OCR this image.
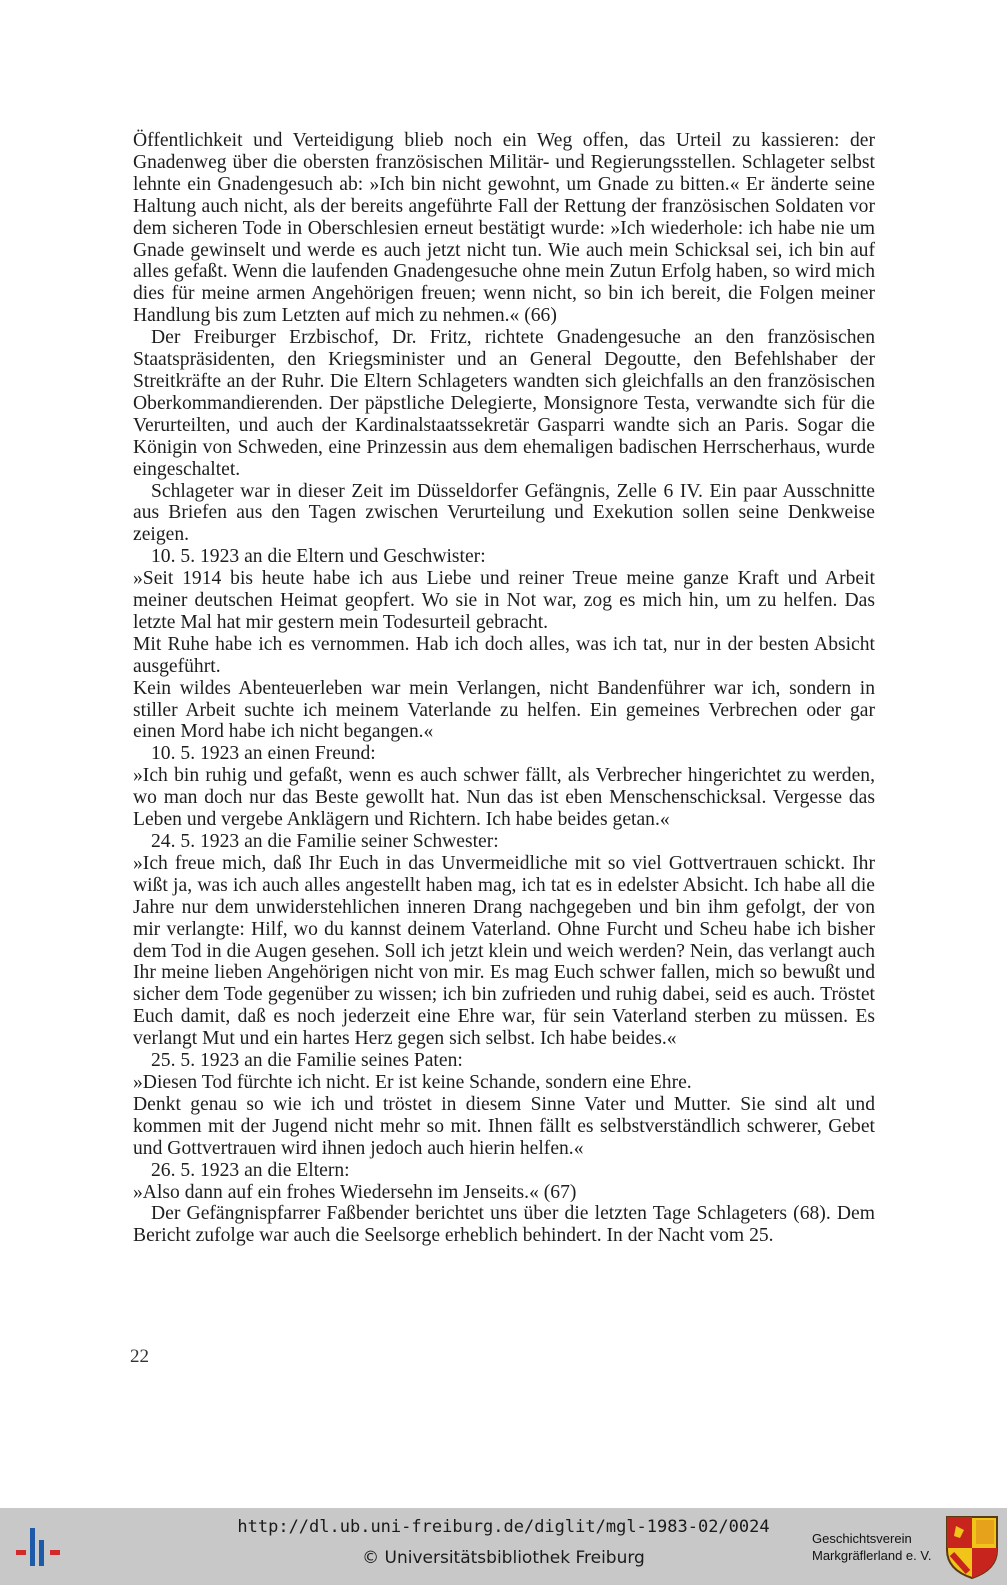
Öffentlichkeit und Verteidigung blieb noch ein Weg offen, das Urteil zu kassieren: der Gnadenweg über die obersten französischen Militär- und Regierungsstellen. Schlageter selbst lehnte ein Gnadengesuch ab: »Ich bin nicht gewohnt, um Gnade zu bitten.« Er änderte seine Haltung auch nicht, als der bereits angeführte Fall der Rettung der französischen Soldaten vor dem sicheren Tode in Oberschlesien erneut bestätigt wurde: »Ich wiederhole: ich habe nie um Gnade gewinselt und werde es auch jetzt nicht tun. Wie auch mein Schicksal sei, ich bin auf alles gefaßt. Wenn die laufenden Gnadengesuche ohne mein Zutun Erfolg haben, so wird mich dies für meine armen Angehörigen freuen; wenn nicht, so bin ich bereit, die Folgen meiner Handlung bis zum Letzten auf mich zu nehmen.« (66)

Der Freiburger Erzbischof, Dr. Fritz, richtete Gnadengesuche an den französischen Staatspräsidenten, den Kriegsminister und an General Degoutte, den Befehlshaber der Streitkräfte an der Ruhr. Die Eltern Schlageters wandten sich gleichfalls an den französischen Oberkommandierenden. Der päpstliche Delegierte, Monsignore Testa, verwandte sich für die Verurteilten, und auch der Kardinalstaatssekretär Gasparri wandte sich an Paris. Sogar die Königin von Schweden, eine Prinzessin aus dem ehemaligen badischen Herrscherhaus, wurde eingeschaltet.

Schlageter war in dieser Zeit im Düsseldorfer Gefängnis, Zelle 6 IV. Ein paar Ausschnitte aus Briefen aus den Tagen zwischen Verurteilung und Exekution sollen seine Denkweise zeigen.

10. 5. 1923 an die Eltern und Geschwister:

»Seit 1914 bis heute habe ich aus Liebe und reiner Treue meine ganze Kraft und Arbeit meiner deutschen Heimat geopfert. Wo sie in Not war, zog es mich hin, um zu helfen. Das letzte Mal hat mir gestern mein Todesurteil gebracht.

Mit Ruhe habe ich es vernommen. Hab ich doch alles, was ich tat, nur in der besten Absicht ausgeführt.

Kein wildes Abenteuerleben war mein Verlangen, nicht Bandenführer war ich, sondern in stiller Arbeit suchte ich meinem Vaterlande zu helfen. Ein gemeines Verbrechen oder gar einen Mord habe ich nicht begangen.«

10. 5. 1923 an einen Freund:

»Ich bin ruhig und gefaßt, wenn es auch schwer fällt, als Verbrecher hingerichtet zu werden, wo man doch nur das Beste gewollt hat. Nun das ist eben Menschenschicksal. Vergesse das Leben und vergebe Anklägern und Richtern. Ich habe beides getan.«

24. 5. 1923 an die Familie seiner Schwester:

»Ich freue mich, daß Ihr Euch in das Unvermeidliche mit so viel Gottvertrauen schickt. Ihr wißt ja, was ich auch alles angestellt haben mag, ich tat es in edelster Absicht. Ich habe all die Jahre nur dem unwiderstehlichen inneren Drang nachgegeben und bin ihm gefolgt, der von mir verlangte: Hilf, wo du kannst deinem Vaterland. Ohne Furcht und Scheu habe ich bisher dem Tod in die Augen gesehen. Soll ich jetzt klein und weich werden? Nein, das verlangt auch Ihr meine lieben Angehörigen nicht von mir. Es mag Euch schwer fallen, mich so bewußt und sicher dem Tode gegenüber zu wissen; ich bin zufrieden und ruhig dabei, seid es auch. Tröstet Euch damit, daß es noch jederzeit eine Ehre war, für sein Vaterland sterben zu müssen. Es verlangt Mut und ein hartes Herz gegen sich selbst. Ich habe beides.«

25. 5. 1923 an die Familie seines Paten:

»Diesen Tod fürchte ich nicht. Er ist keine Schande, sondern eine Ehre.

Denkt genau so wie ich und tröstet in diesem Sinne Vater und Mutter. Sie sind alt und kommen mit der Jugend nicht mehr so mit. Ihnen fällt es selbstverständlich schwerer, Gebet und Gottvertrauen wird ihnen jedoch auch hierin helfen.«

26. 5. 1923 an die Eltern:

»Also dann auf ein frohes Wiedersehn im Jenseits.« (67)

Der Gefängnispfarrer Faßbender berichtet uns über die letzten Tage Schlageters (68). Dem Bericht zufolge war auch die Seelsorge erheblich behindert. In der Nacht vom 25.

22
http://dl.ub.uni-freiburg.de/diglit/mgl-1983-02/0024
© Universitätsbibliothek Freiburg
Geschichtsverein
Markgräflerland e. V.
